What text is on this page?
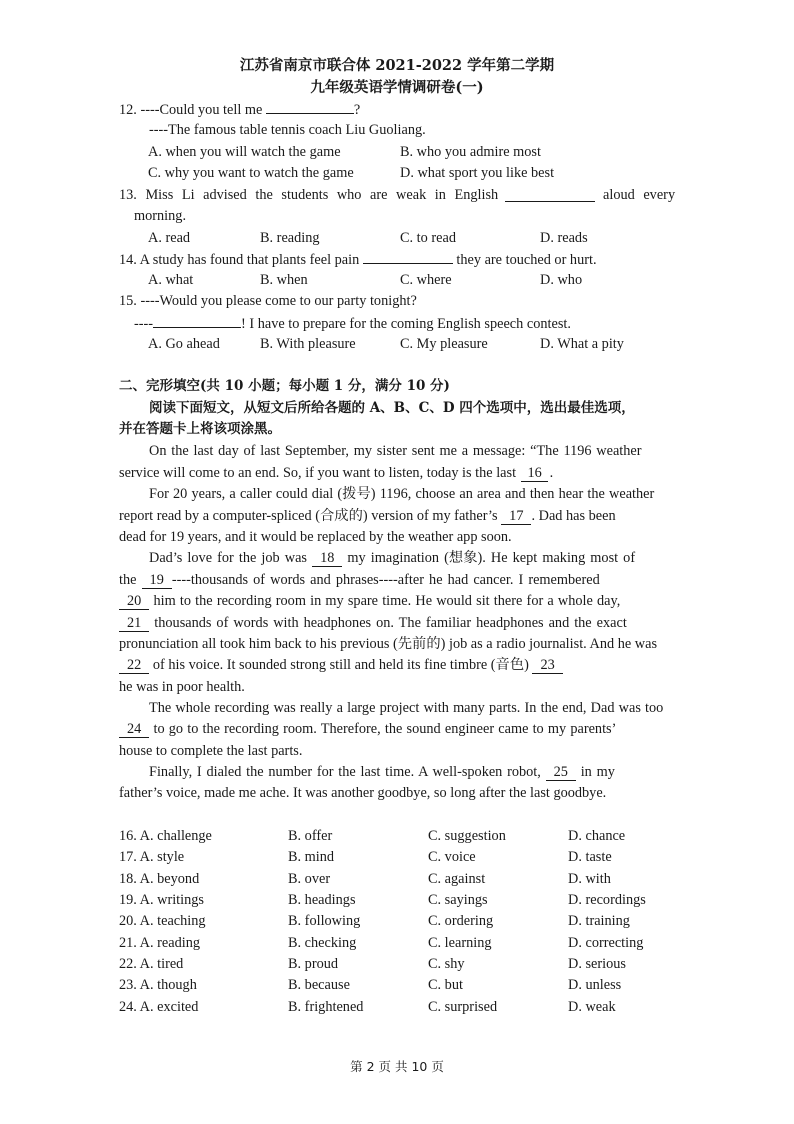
江苏省南京市联合体 2021-2022 学年第二学期
九年级英语学情调研卷(一)
12. ----Could you tell me	?
----The famous table tennis coach Liu Guoliang.
A. when you will watch the game	B. who you admire most
C. why you want to watch the game	D. what sport you like best
13. Miss Li advised the students who are weak in English	aloud every
morning.
A. read	B. reading	C. to read	D. reads
14. A study has found that plants feel pain	they are touched or hurt.
A. what	B. when	C. where	D. who
15. ----Would you please come to our party tonight?
----	! I have to prepare for the coming English speech contest.
A. Go ahead	B. With pleasure	C. My pleasure	D. What a pity
二、完形填空(共 10 小题；每小题 1 分，满分 10 分)
阅读下面短文，从短文后所给各题的 A、B、C、D 四个选项中，选出最佳选项，
并在答题卡上将该项涂黑。
On the last day of last September, my sister sent me a message: “The 1196 weather
service will come to an end. So, if you want to listen, today is the last 16 .
For 20 years, a caller could dial (拨号) 1196, choose an area and then hear the weather
report read by a computer-spliced (合成的) version of my father’s 17 . Dad has been
dead for 19 years, and it would be replaced by the weather app soon.
Dad’s love for the job was 18 my imagination (想象). He kept making most of
the 19 ----thousands of words and phrases----after he had cancer. I remembered
20 him to the recording room in my spare time. He would sit there for a whole day,
21 thousands of words with headphones on. The familiar headphones and the exact
pronunciation all took him back to his previous (先前的) job as a radio journalist. And he was
22 of his voice. It sounded strong still and held its fine timbre (音色) 23
he was in poor health.
The whole recording was really a large project with many parts. In the end, Dad was too
24 to go to the recording room. Therefore, the sound engineer came to my parents’
house to complete the last parts.
Finally, I dialed the number for the last time. A well-spoken robot, 25 in my
father’s voice, made me ache. It was another goodbye, so long after the last goodbye.
16. A. challenge	B. offer	C. suggestion	D. chance
17. A. style	B. mind	C. voice	D. taste
18. A. beyond	B. over	C. against	D. with
19. A. writings	B. headings	C. sayings	D. recordings
20. A. teaching	B. following	C. ordering	D. training
21. A. reading	B. checking	C. learning	D. correcting
22. A. tired	B. proud	C. shy	D. serious
23. A. though	B. because	C. but	D. unless
24. A. excited	B. frightened	C. surprised	D. weak
第 2 页 共 10 页
